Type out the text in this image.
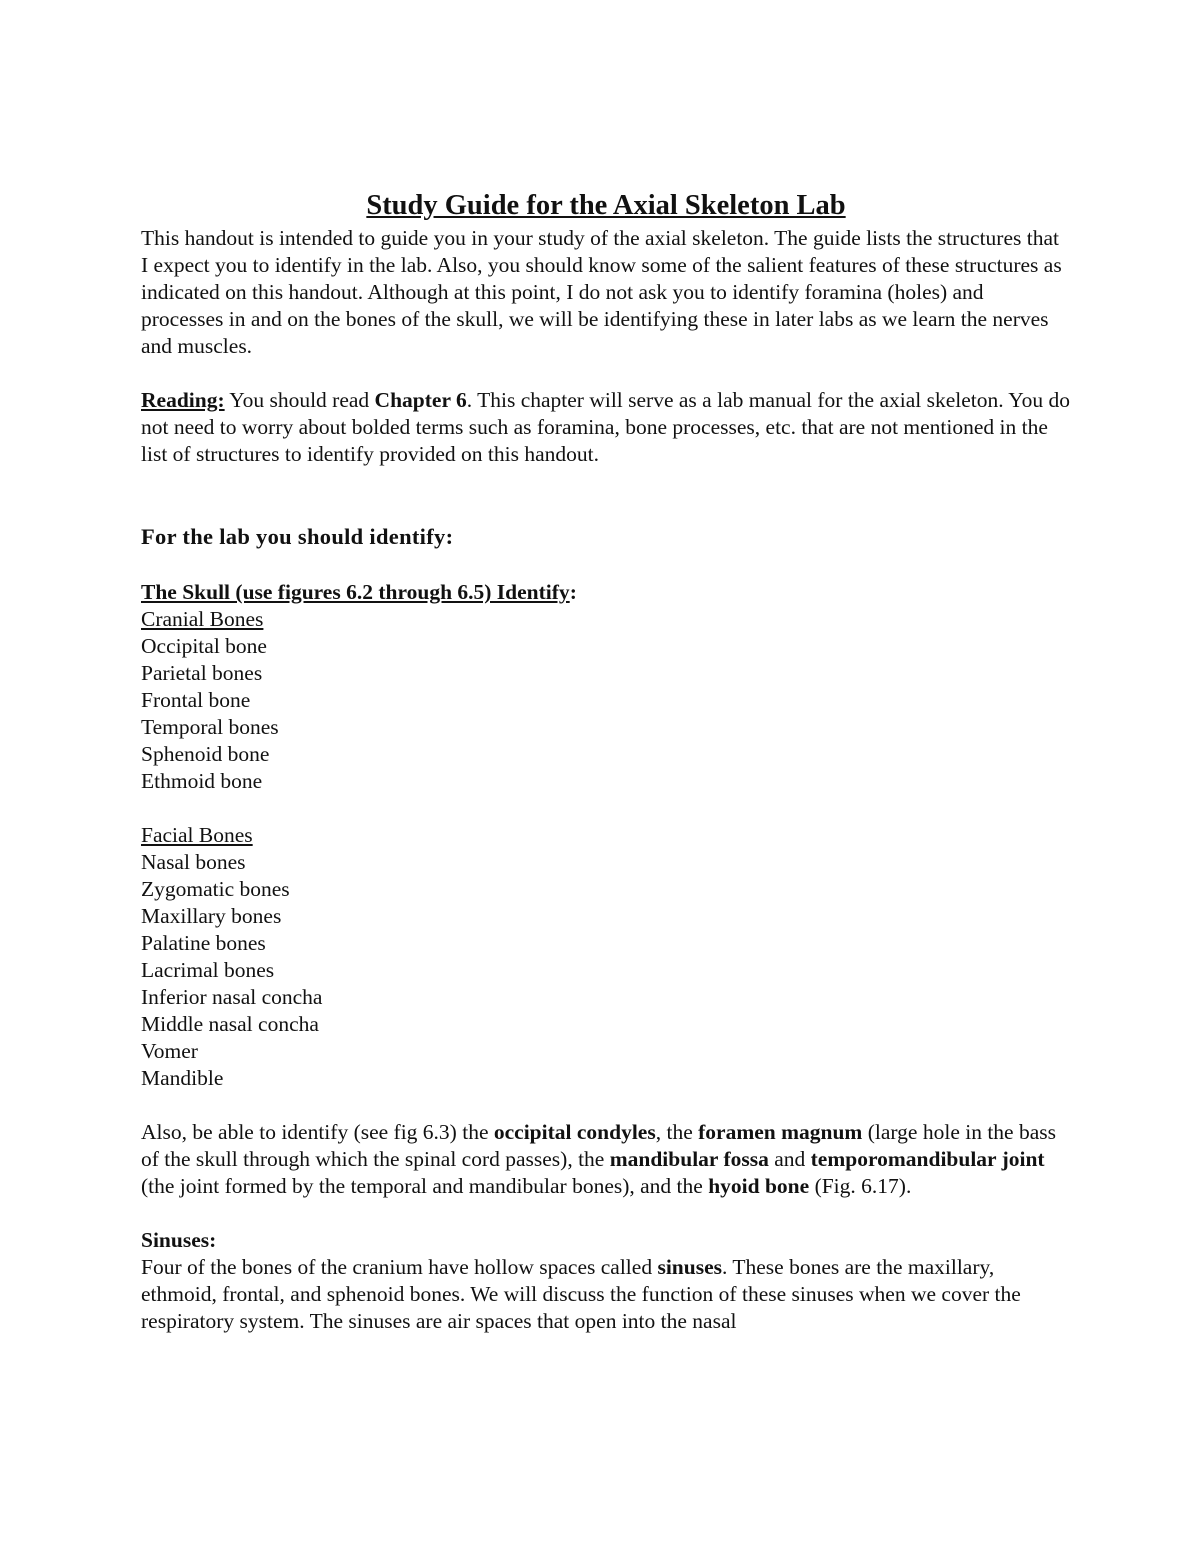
Study Guide for the Axial Skeleton Lab

This handout is intended to guide you in your study of the axial skeleton. The guide lists the structures that I expect you to identify in the lab. Also, you should know some of the salient features of these structures as indicated on this handout. Although at this point, I do not ask you to identify foramina (holes) and processes in and on the bones of the skull, we will be identifying these in later labs as we learn the nerves and muscles.

Reading: You should read Chapter 6. This chapter will serve as a lab manual for the axial skeleton. You do not need to worry about bolded terms such as foramina, bone processes, etc. that are not mentioned in the list of structures to identify provided on this handout.

For the lab you should identify:

The Skull (use figures 6.2 through 6.5) Identify:

Cranial Bones

Occipital bone
Parietal bones
Frontal bone
Temporal bones
Sphenoid bone
Ethmoid bone

Facial Bones

Nasal bones
Zygomatic bones
Maxillary bones
Palatine bones
Lacrimal bones
Inferior nasal concha
Middle nasal concha
Vomer
Mandible

Also, be able to identify (see fig 6.3) the occipital condyles, the foramen magnum (large hole in the bass of the skull through which the spinal cord passes), the mandibular fossa and temporomandibular joint (the joint formed by the temporal and mandibular bones), and the hyoid bone (Fig. 6.17).

Sinuses:

Four of the bones of the cranium have hollow spaces called sinuses. These bones are the maxillary, ethmoid, frontal, and sphenoid bones. We will discuss the function of these sinuses when we cover the respiratory system. The sinuses are air spaces that open into the nasal
